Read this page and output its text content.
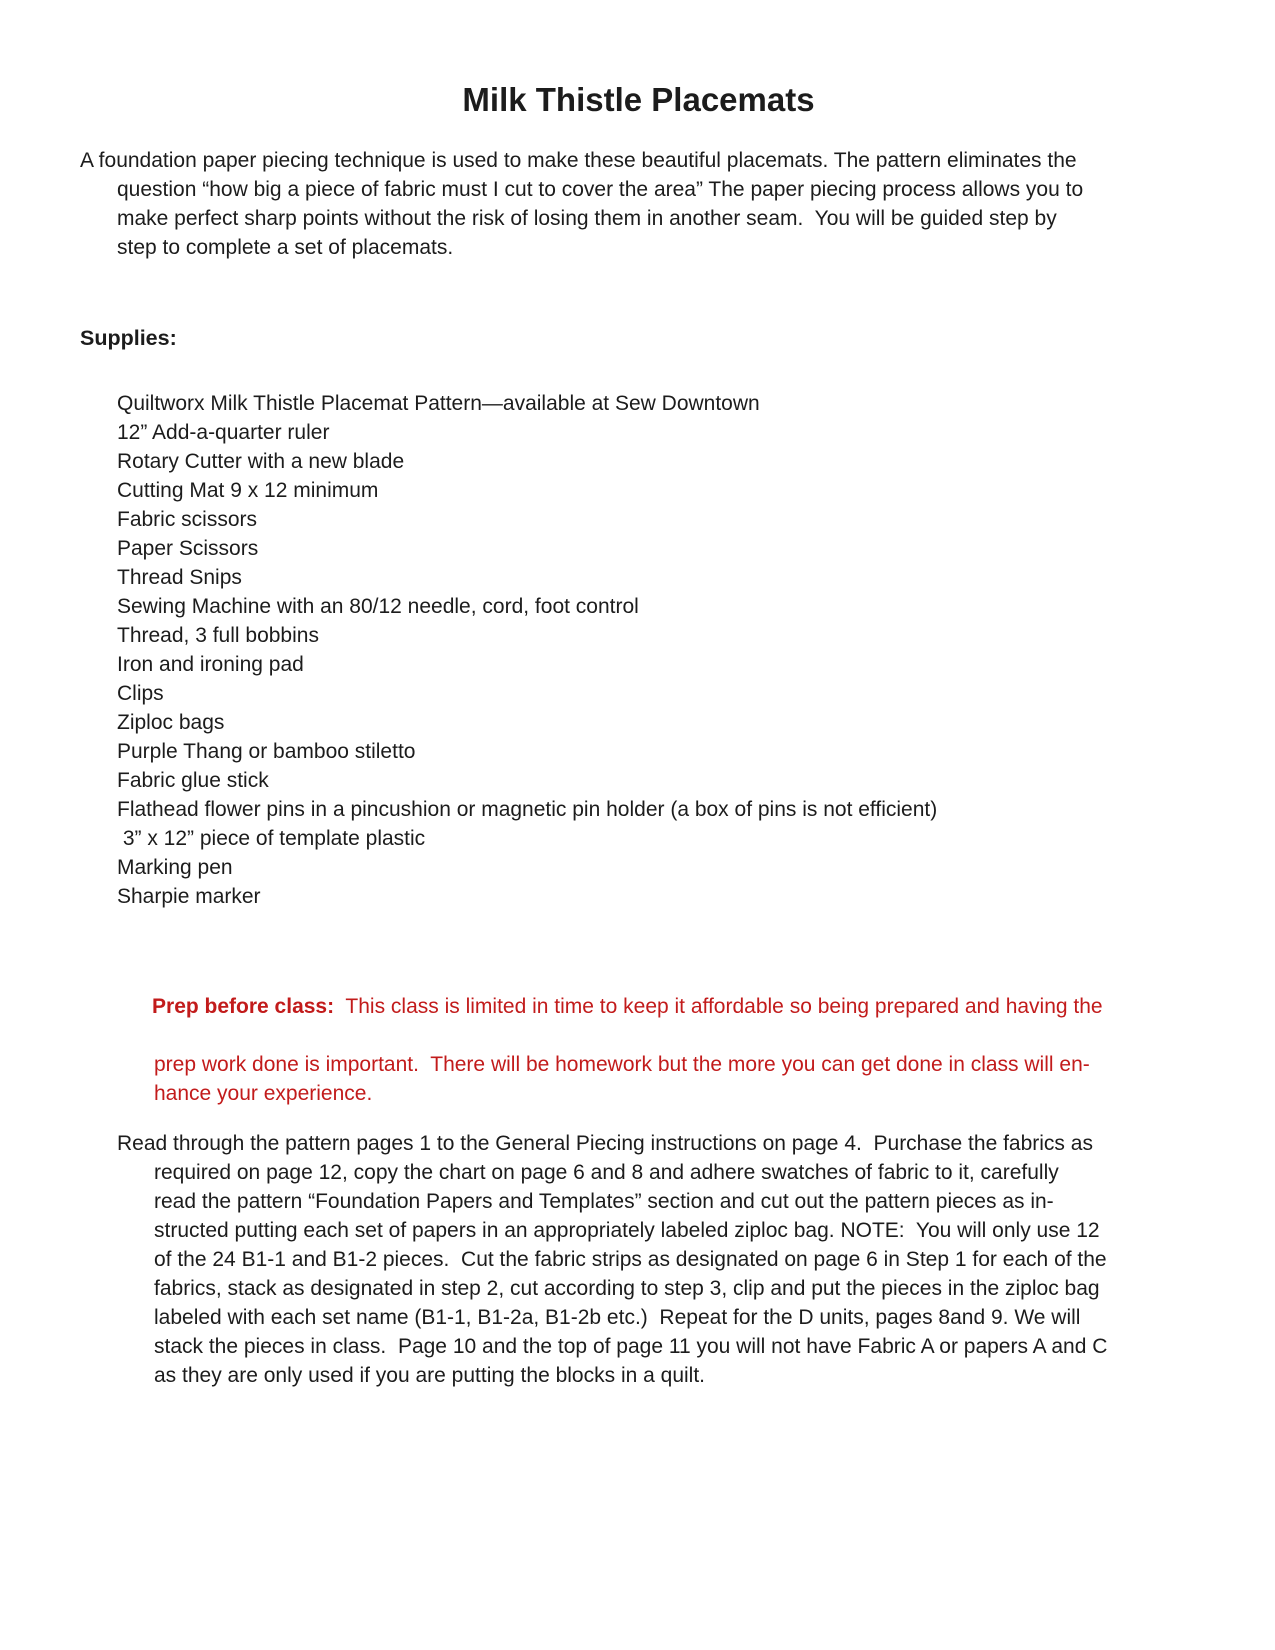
Milk Thistle Placemats
A foundation paper piecing technique is used to make these beautiful placemats. The pattern eliminates the
question “how big a piece of fabric must I cut to cover the area” The paper piecing process allows you to
make perfect sharp points without the risk of losing them in another seam.  You will be guided step by
step to complete a set of placemats.
Supplies:
Quiltworx Milk Thistle Placemat Pattern—available at Sew Downtown
12” Add-a-quarter ruler
Rotary Cutter with a new blade
Cutting Mat 9 x 12 minimum
Fabric scissors
Paper Scissors
Thread Snips
Sewing Machine with an 80/12 needle, cord, foot control
Thread, 3 full bobbins
Iron and ironing pad
Clips
Ziploc bags
Purple Thang or bamboo stiletto
Fabric glue stick
Flathead flower pins in a pincushion or magnetic pin holder (a box of pins is not efficient)
3” x 12” piece of template plastic
Marking pen
Sharpie marker

Prep before class:  This class is limited in time to keep it affordable so being prepared and having the

prep work done is important.  There will be homework but the more you can get done in class will en-
hance your experience.
Read through the pattern pages 1 to the General Piecing instructions on page 4.  Purchase the fabrics as
required on page 12, copy the chart on page 6 and 8 and adhere swatches of fabric to it, carefully
read the pattern “Foundation Papers and Templates” section and cut out the pattern pieces as in-
structed putting each set of papers in an appropriately labeled ziploc bag. NOTE:  You will only use 12
of the 24 B1-1 and B1-2 pieces.  Cut the fabric strips as designated on page 6 in Step 1 for each of the
fabrics, stack as designated in step 2, cut according to step 3, clip and put the pieces in the ziploc bag
labeled with each set name (B1-1, B1-2a, B1-2b etc.)  Repeat for the D units, pages 8and 9. We will
stack the pieces in class.  Page 10 and the top of page 11 you will not have Fabric A or papers A and C
as they are only used if you are putting the blocks in a quilt.
